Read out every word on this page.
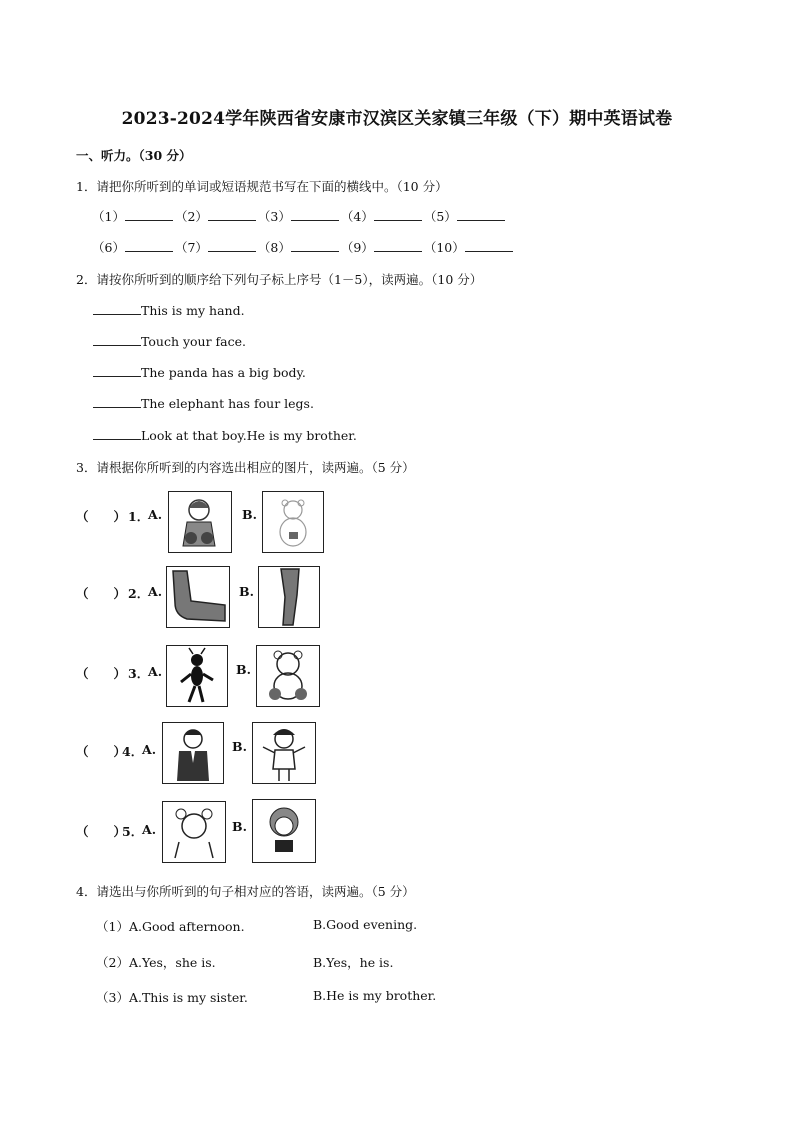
2023-2024学年陕西省安康市汉滨区关家镇三年级（下）期中英语试卷
一、听力。（30 分）
1．请把你所听到的单词或短语规范书写在下面的横线中。（10 分）
（1）	（2）	（3）	（4）	（5）
（6）	（7）	（8）	（9）	（10）
2．请按你所听到的顺序给下列句子标上序号（1－5），读两遍。（10 分）
This is my hand.
Touch your face.
The panda has a big body.
The elephant has four legs.
Look at that boy.He is my brother.
3．请根据你所听到的内容选出相应的图片，读两遍。（5 分）
（　　） 1．
A.	B.
（　　） 2．
A.	B.
（　　） 3．
A.	B.
（　　）
4．
A.	B.
（　　）
5．
A.	B.
4．请选出与你所听到的句子相对应的答语，读两遍。（5 分）
（1）A.Good afternoon.	B.Good evening.
（2）A.Yes，she is.	B.Yes，he is.
（3）A.This is my sister.	B.He is my brother.
